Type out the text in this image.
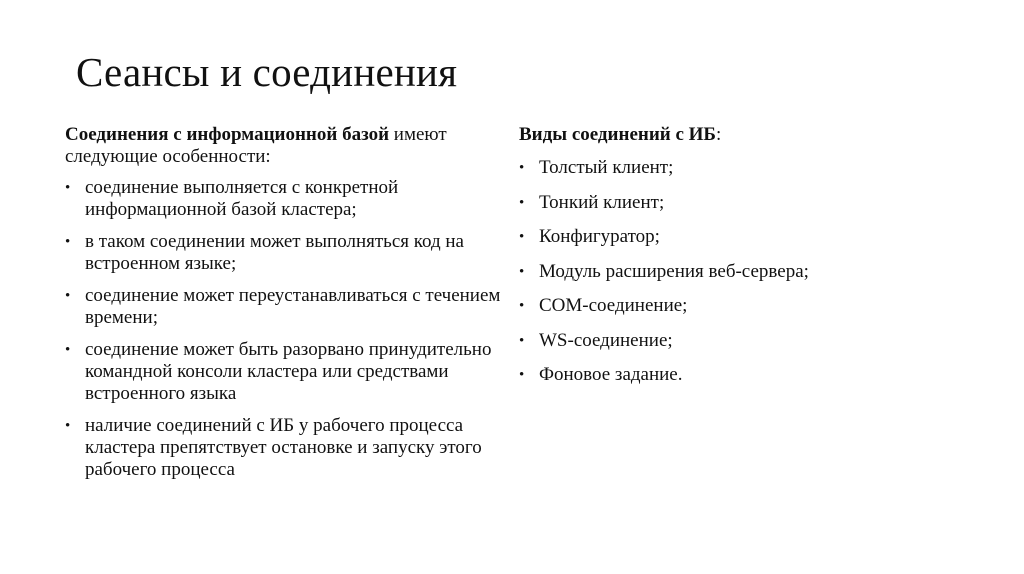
Сеансы и соединения

Соединения с информационной базой имеют следующие особенности:

• соединение выполняется с конкретной информационной базой кластера;
• в таком соединении может выполняться код на встроенном языке;
• соединение может переустанавливаться с течением времени;
• соединение может быть разорвано принудительно командной консоли кластера или средствами встроенного языка
• наличие соединений с ИБ у рабочего процесса кластера препятствует остановке и запуску этого рабочего процесса

Виды соединений с ИБ:

• Толстый клиент;
• Тонкий клиент;
• Конфигуратор;
• Модуль расширения веб-сервера;
• COM-соединение;
• WS-соединение;
• Фоновое задание.
